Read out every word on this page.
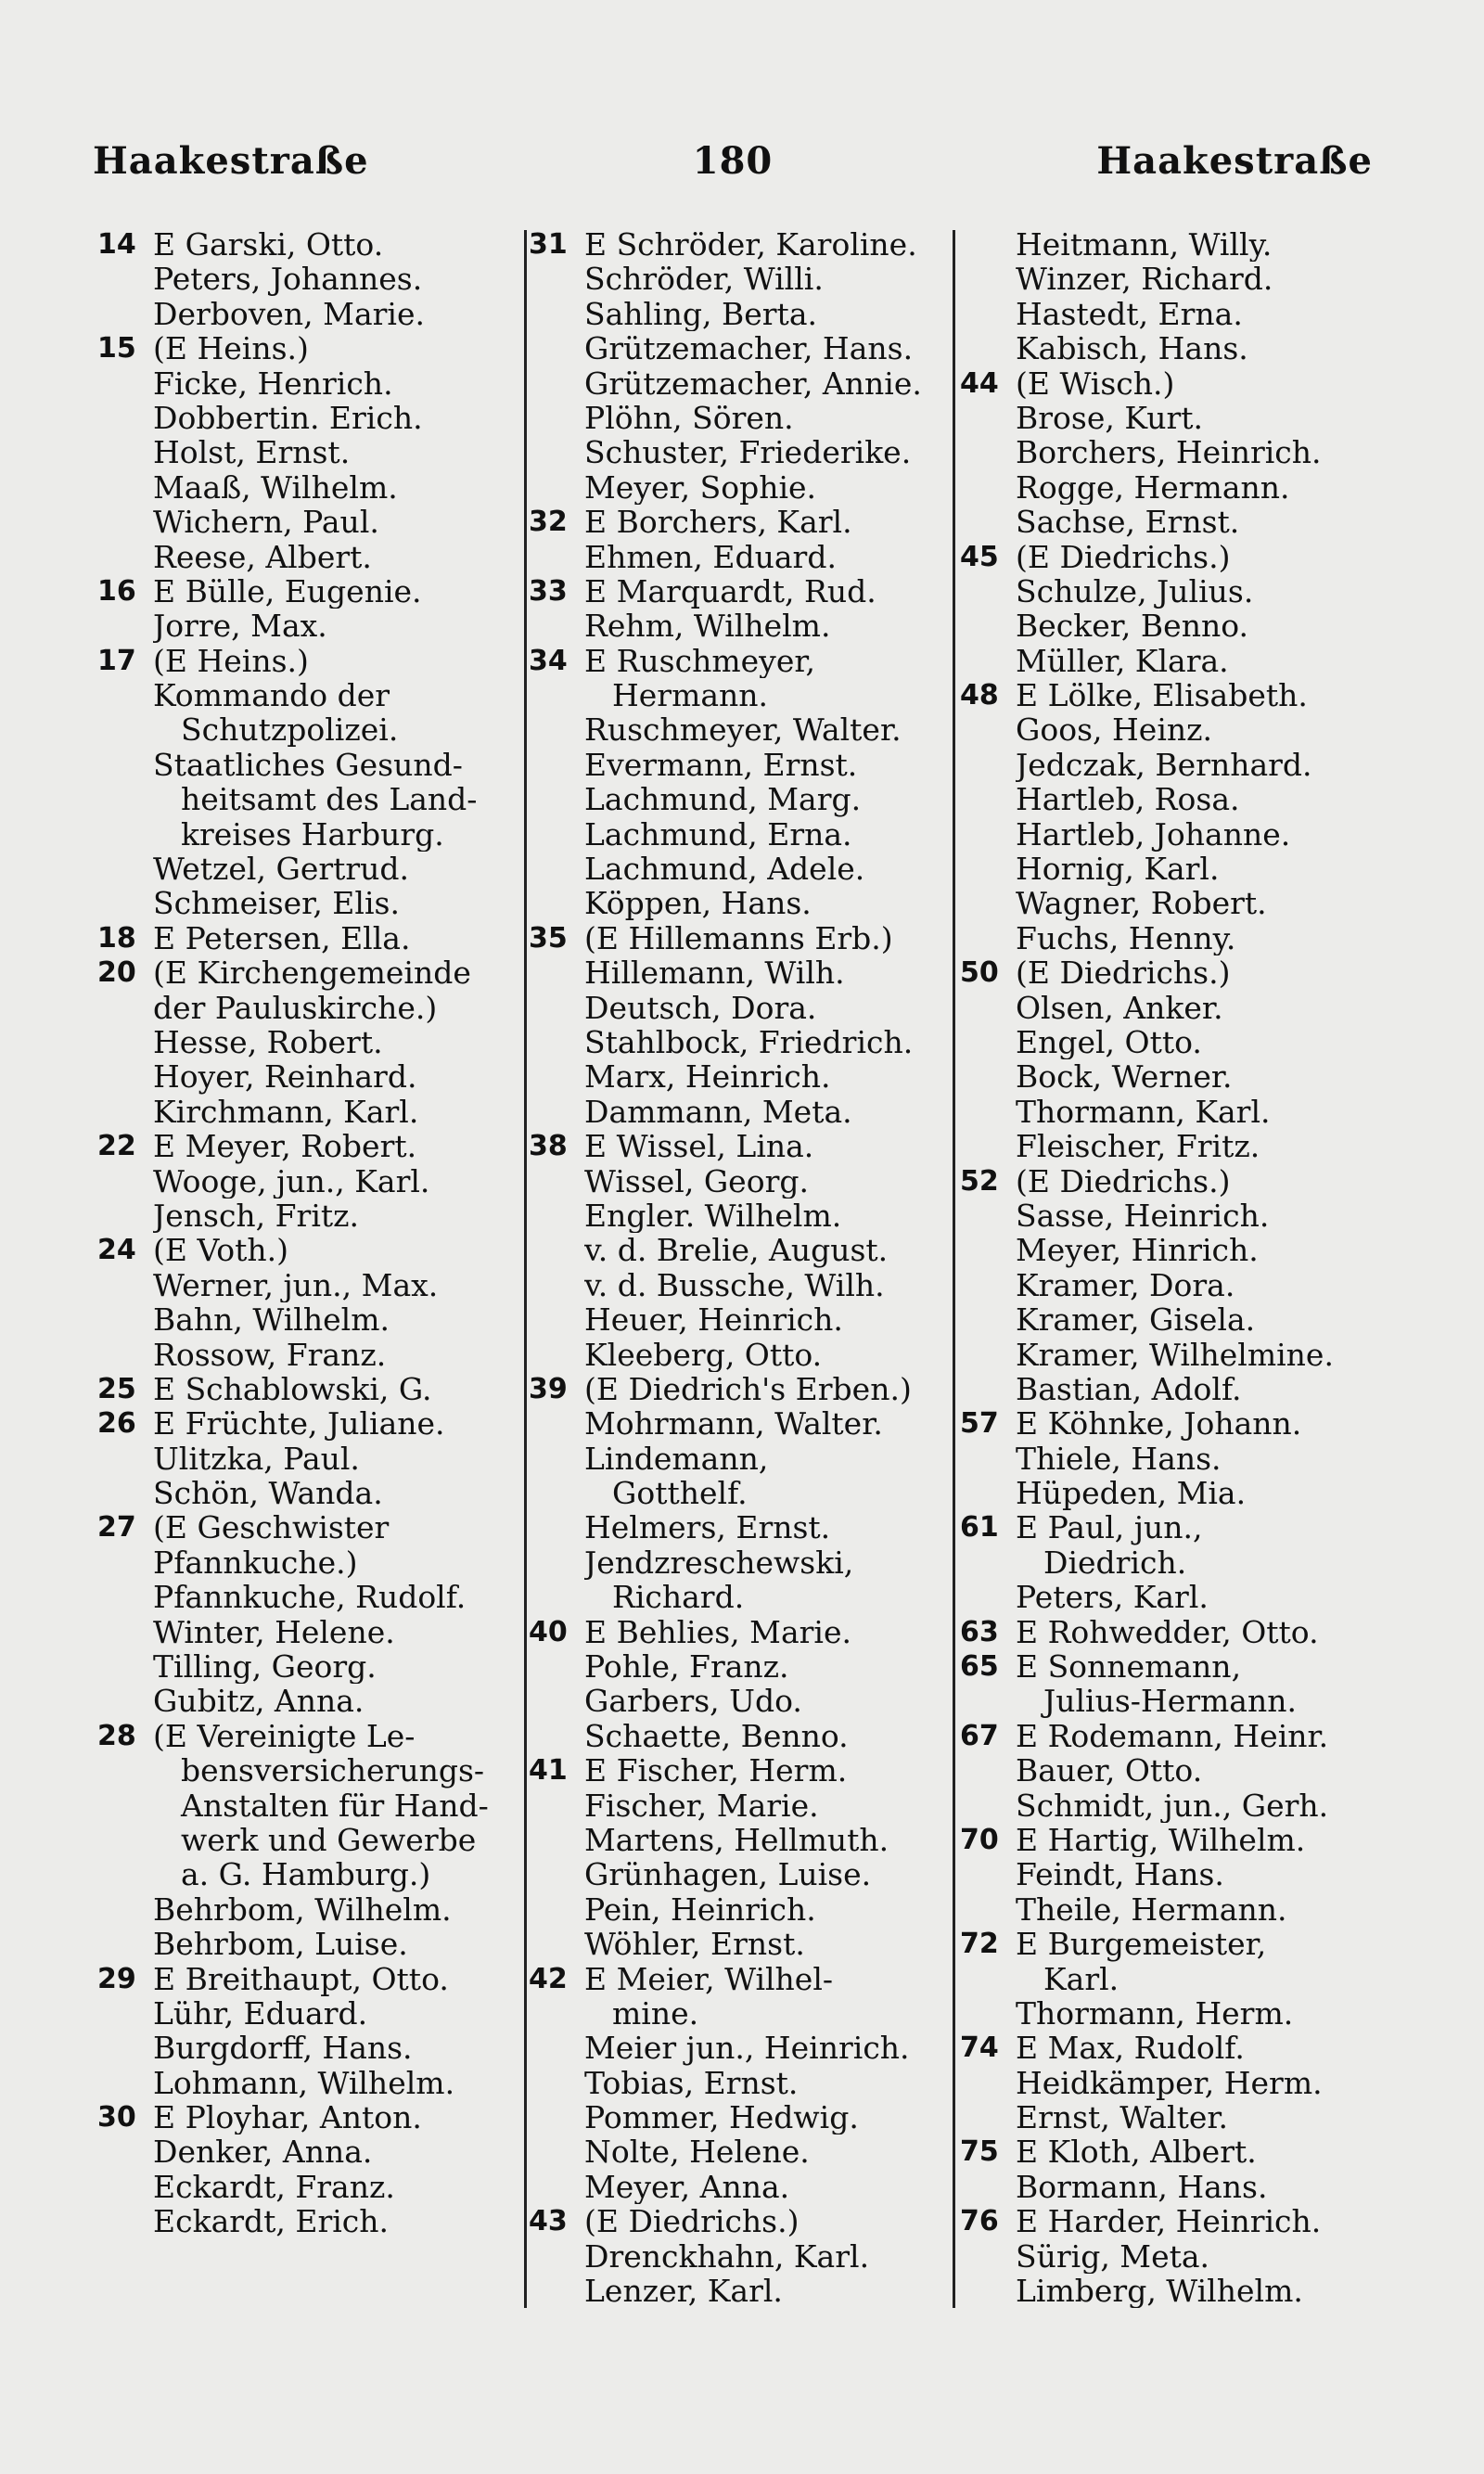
Haakestraße	180	Haakestraße
14 E Garski, Otto.
Peters, Johannes.
Derboven, Marie.
15 (E Heins.)
Ficke, Henrich.
Dobbertin. Erich.
Holst, Ernst.
Maaß, Wilhelm.
Wichern, Paul.
Reese, Albert.
16 E Bülle, Eugenie.
Jorre, Max.
17 (E Heins.)
Kommando der
Schutzpolizei.
Staatliches Gesund-
heitsamt des Land-
kreises Harburg.
Wetzel, Gertrud.
Schmeiser, Elis.
18 E Petersen, Ella.
20 (E Kirchengemeinde
der Pauluskirche.)
Hesse, Robert.
Hoyer, Reinhard.
Kirchmann, Karl.
22 E Meyer, Robert.
Wooge, jun., Karl.
Jensch, Fritz.
24 (E Voth.)
Werner, jun., Max.
Bahn, Wilhelm.
Rossow, Franz.
25 E Schablowski, G.
26 E Früchte, Juliane.
Ulitzka, Paul.
Schön, Wanda.
27 (E Geschwister
Pfannkuche.)
Pfannkuche, Rudolf.
Winter, Helene.
Tilling, Georg.
Gubitz, Anna.
28 (E Vereinigte Le-
bensversicherungs-
Anstalten für Hand-
werk und Gewerbe
a. G. Hamburg.)
Behrbom, Wilhelm.
Behrbom, Luise.
29 E Breithaupt, Otto.
Lühr, Eduard.
Burgdorff, Hans.
Lohmann, Wilhelm.
30 E Ployhar, Anton.
Denker, Anna.
Eckardt, Franz.
Eckardt, Erich.
31 E Schröder, Karoline.
Schröder, Willi.
Sahling, Berta.
Grützemacher, Hans.
Grützemacher, Annie.
Plöhn, Sören.
Schuster, Friederike.
Meyer, Sophie.
32 E Borchers, Karl.
Ehmen, Eduard.
33 E Marquardt, Rud.
Rehm, Wilhelm.
34 E Ruschmeyer,
Hermann.
Ruschmeyer, Walter.
Evermann, Ernst.
Lachmund, Marg.
Lachmund, Erna.
Lachmund, Adele.
Köppen, Hans.
35 (E Hillemanns Erb.)
Hillemann, Wilh.
Deutsch, Dora.
Stahlbock, Friedrich.
Marx, Heinrich.
Dammann, Meta.
38 E Wissel, Lina.
Wissel, Georg.
Engler. Wilhelm.
v. d. Brelie, August.
v. d. Bussche, Wilh.
Heuer, Heinrich.
Kleeberg, Otto.
39 (E Diedrich's Erben.)
Mohrmann, Walter.
Lindemann,
Gotthelf.
Helmers, Ernst.
Jendzreschewski,
Richard.
40 E Behlies, Marie.
Pohle, Franz.
Garbers, Udo.
Schaette, Benno.
41 E Fischer, Herm.
Fischer, Marie.
Martens, Hellmuth.
Grünhagen, Luise.
Pein, Heinrich.
Wöhler, Ernst.
42 E Meier, Wilhel-
mine.
Meier jun., Heinrich.
Tobias, Ernst.
Pommer, Hedwig.
Nolte, Helene.
Meyer, Anna.
43 (E Diedrichs.)
Drenckhahn, Karl.
Lenzer, Karl.
Heitmann, Willy.
Winzer, Richard.
Hastedt, Erna.
Kabisch, Hans.
44 (E Wisch.)
Brose, Kurt.
Borchers, Heinrich.
Rogge, Hermann.
Sachse, Ernst.
45 (E Diedrichs.)
Schulze, Julius.
Becker, Benno.
Müller, Klara.
48 E Lölke, Elisabeth.
Goos, Heinz.
Jedczak, Bernhard.
Hartleb, Rosa.
Hartleb, Johanne.
Hornig, Karl.
Wagner, Robert.
Fuchs, Henny.
50 (E Diedrichs.)
Olsen, Anker.
Engel, Otto.
Bock, Werner.
Thormann, Karl.
Fleischer, Fritz.
52 (E Diedrichs.)
Sasse, Heinrich.
Meyer, Hinrich.
Kramer, Dora.
Kramer, Gisela.
Kramer, Wilhelmine.
Bastian, Adolf.
57 E Köhnke, Johann.
Thiele, Hans.
Hüpeden, Mia.
61 E Paul, jun.,
Diedrich.
Peters, Karl.
63 E Rohwedder, Otto.
65 E Sonnemann,
Julius-Hermann.
67 E Rodemann, Heinr.
Bauer, Otto.
Schmidt, jun., Gerh.
70 E Hartig, Wilhelm.
Feindt, Hans.
Theile, Hermann.
72 E Burgemeister,
Karl.
Thormann, Herm.
74 E Max, Rudolf.
Heidkämper, Herm.
Ernst, Walter.
75 E Kloth, Albert.
Bormann, Hans.
76 E Harder, Heinrich.
Sürig, Meta.
Limberg, Wilhelm.
